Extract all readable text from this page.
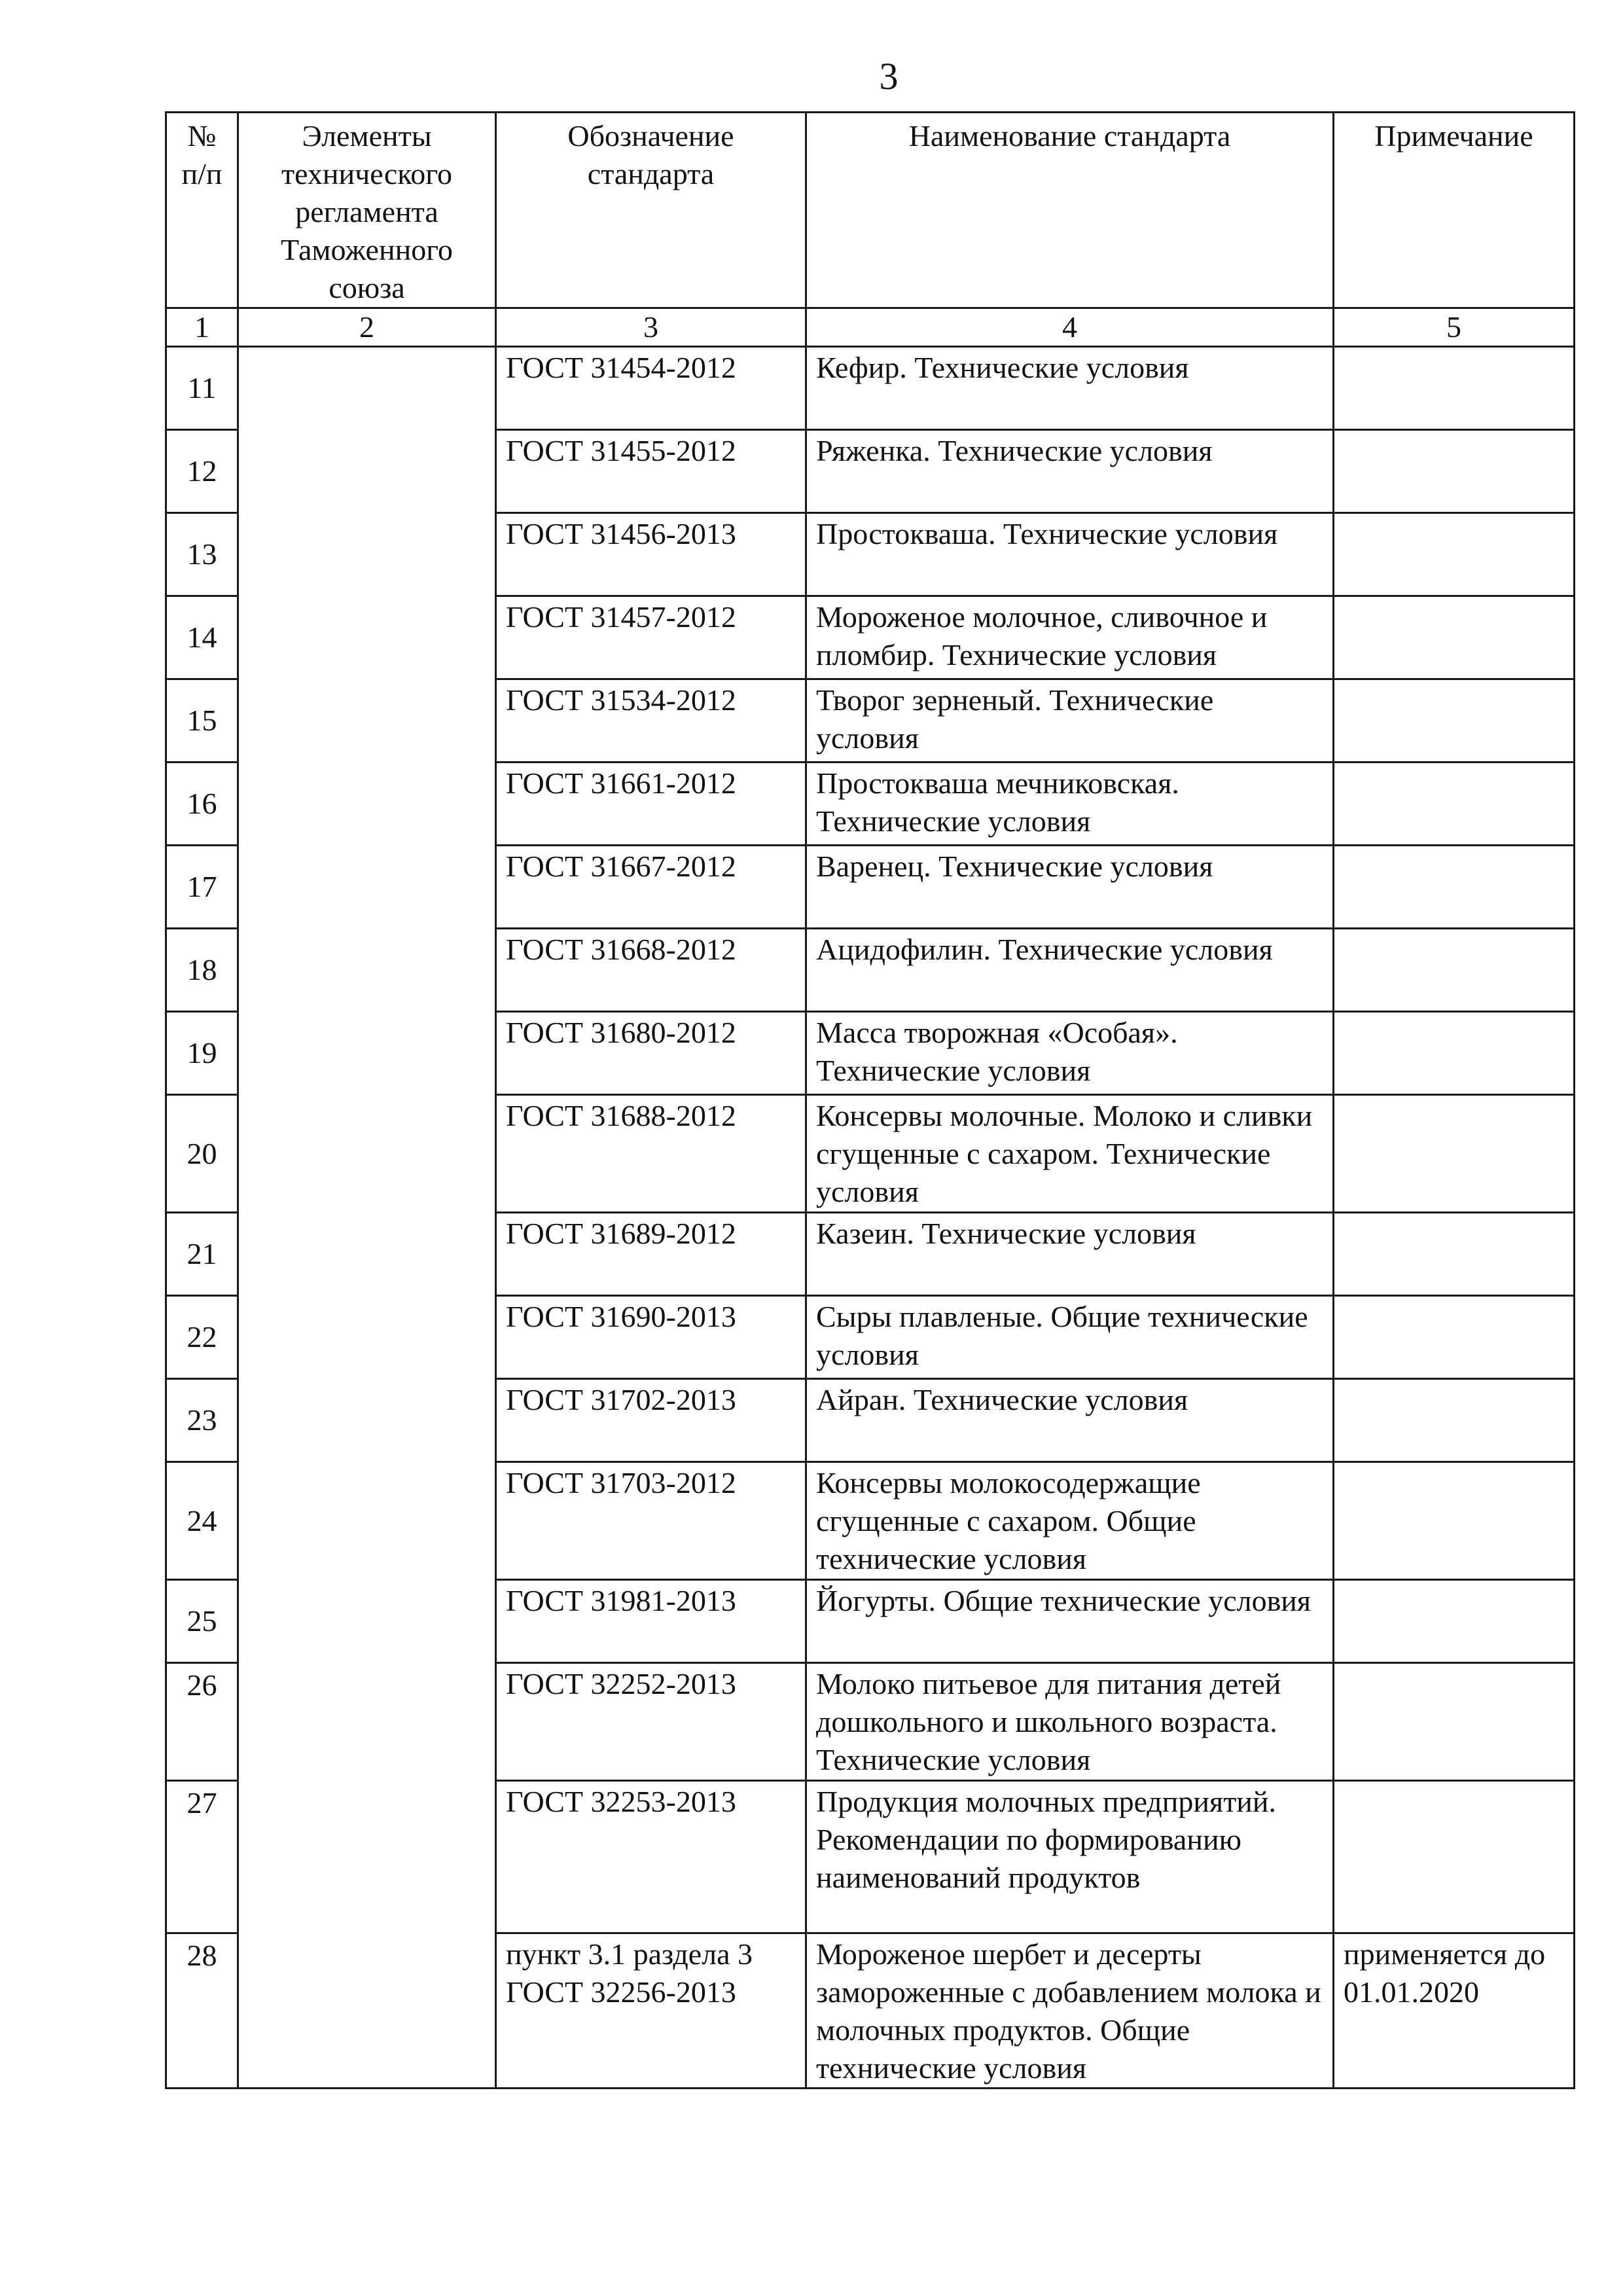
3
№ п/п	Элементы технического регламента Таможенного союза	Обозначение стандарта	Наименование стандарта	Примечание
1	2	3	4	5
11		ГОСТ 31454-2012	Кефир. Технические условия	
12		ГОСТ 31455-2012	Ряженка. Технические условия	
13		ГОСТ 31456-2013	Простокваша. Технические условия	
14		ГОСТ 31457-2012	Мороженое молочное, сливочное и пломбир. Технические условия	
15		ГОСТ 31534-2012	Творог зерненый. Технические условия	
16		ГОСТ 31661-2012	Простокваша мечниковская. Технические условия	
17		ГОСТ 31667-2012	Варенец. Технические условия	
18		ГОСТ 31668-2012	Ацидофилин. Технические условия	
19		ГОСТ 31680-2012	Масса творожная «Особая». Технические условия	
20		ГОСТ 31688-2012	Консервы молочные. Молоко и сливки сгущенные с сахаром. Технические условия	
21		ГОСТ 31689-2012	Казеин. Технические условия	
22		ГОСТ 31690-2013	Сыры плавленые. Общие технические условия	
23		ГОСТ 31702-2013	Айран. Технические условия	
24		ГОСТ 31703-2012	Консервы молокосодержащие сгущенные с сахаром. Общие технические условия	
25		ГОСТ 31981-2013	Йогурты. Общие технические условия	
26		ГОСТ 32252-2013	Молоко питьевое для питания детей дошкольного и школьного возраста. Технические условия	
27		ГОСТ 32253-2013	Продукция молочных предприятий. Рекомендации по формированию наименований продуктов	
28		пункт 3.1 раздела 3 ГОСТ 32256-2013	Мороженое шербет и десерты замороженные с добавлением молока и молочных продуктов. Общие технические условия	применяется до 01.01.2020
